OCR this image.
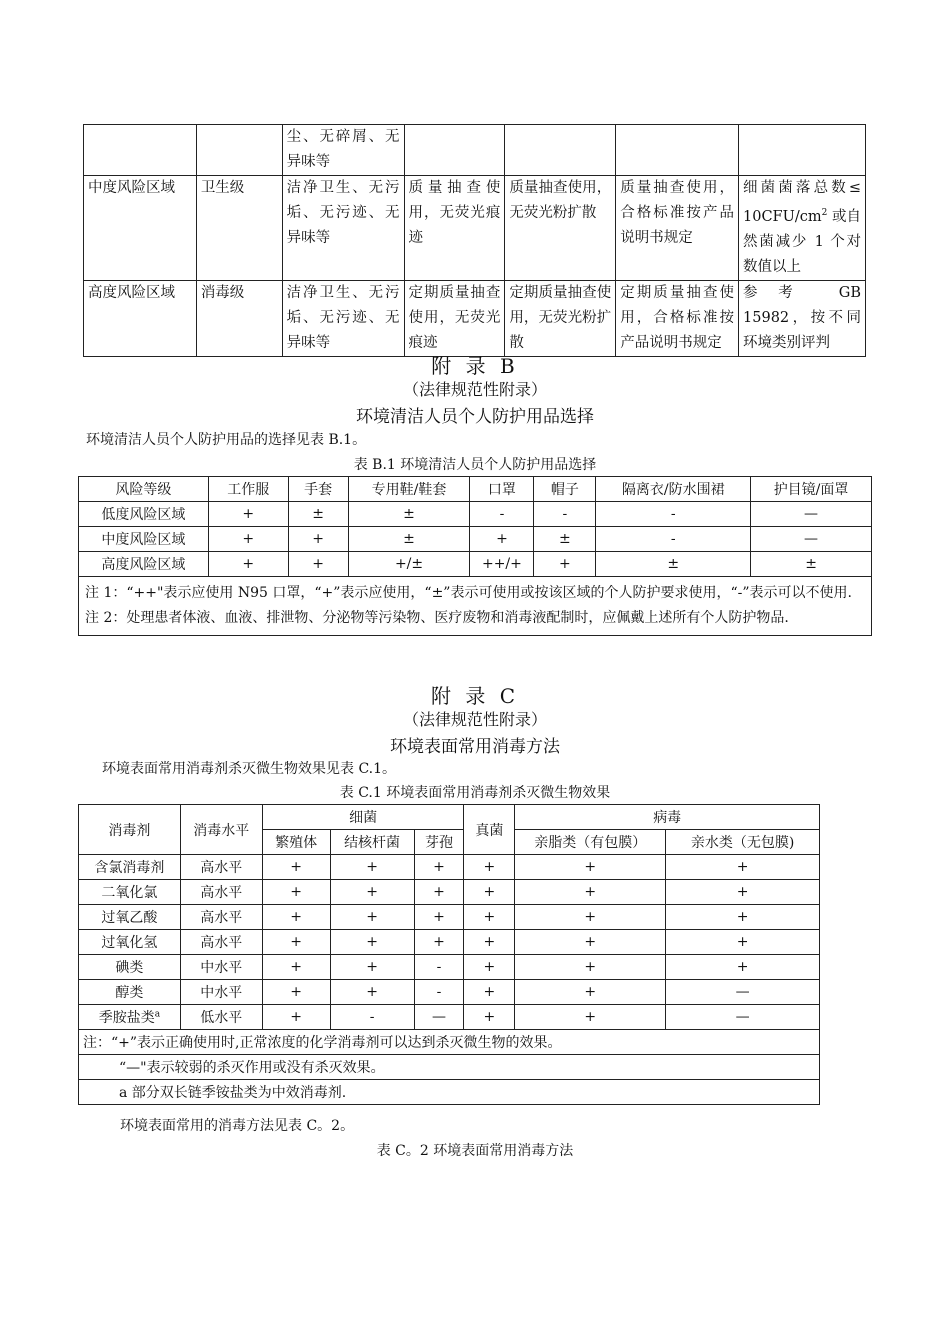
		尘、无碎屑、无异味等				
中度风险区域	卫生级	洁净卫生、无污垢、无污迹、无异味等	质量抽查使用，无荧光痕迹	质量抽查使用，无荧光粉扩散	质量抽查使用，合格标准按产品说明书规定	细菌菌落总数≤ $10CFU/cm^2$ 或自然菌减少 1 个对数值以上
高度风险区域	消毒级	洁净卫生、无污垢、无污迹、无异味等	定期质量抽查使用，无荧光痕迹	定期质量抽查使用，无荧光粉扩散	定期质量抽查使用，合格标准按产品说明书规定	参考 GB 15982，按不同环境类别评判
附 录 B
（法律规范性附录）
环境清洁人员个人防护用品选择
环境清洁人员个人防护用品的选择见表 B.1。
表 B.1 环境清洁人员个人防护用品选择
风险等级	工作服	手套	专用鞋/鞋套	口罩	帽子	隔离衣/防水围裙	护目镜/面罩
低度风险区域	+	±	±	-	-	-	—
中度风险区域	+	+	±	+	±	-	—
高度风险区域	+	+	+/±	++/+	+	±	±

注 1：“++"表示应使用 N95 口罩，“+”表示应使用，“±”表示可使用或按该区域的个人防护要求使用，“-”表示可以不使用.
注 2：处理患者体液、血液、排泄物、分泌物等污染物、医疗废物和消毒液配制时，应佩戴上述所有个人防护物品.							
附 录 C
（法律规范性附录）
环境表面常用消毒方法
环境表面常用消毒剂杀灭微生物效果见表 C.1。
表 C.1 环境表面常用消毒剂杀灭微生物效果
消毒剂	消毒水平	细菌			真菌	病毒	
		繁殖体	结核杆菌	芽孢		亲脂类（有包膜）	亲水类（无包膜)
含氯消毒剂	高水平	+	+	+	+	+	+
二氧化氯	高水平	+	+	+	+	+	+
过氧乙酸	高水平	+	+	+	+	+	+
过氧化氢	高水平	+	+	+	+	+	+
碘类	中水平	+	+	-	+	+	+
醇类	中水平	+	+	-	+	+	—
季胺盐类$^a$	低水平	+	-	—	+	+	—
注：“+”表示正确使用时,正常浓度的化学消毒剂可以达到杀灭微生物的效果。							
“—"表示较弱的杀灭作用或没有杀灭效果。							
a 部分双长链季铵盐类为中效消毒剂.							
环境表面常用的消毒方法见表 C。2。
表 C。2 环境表面常用消毒方法
